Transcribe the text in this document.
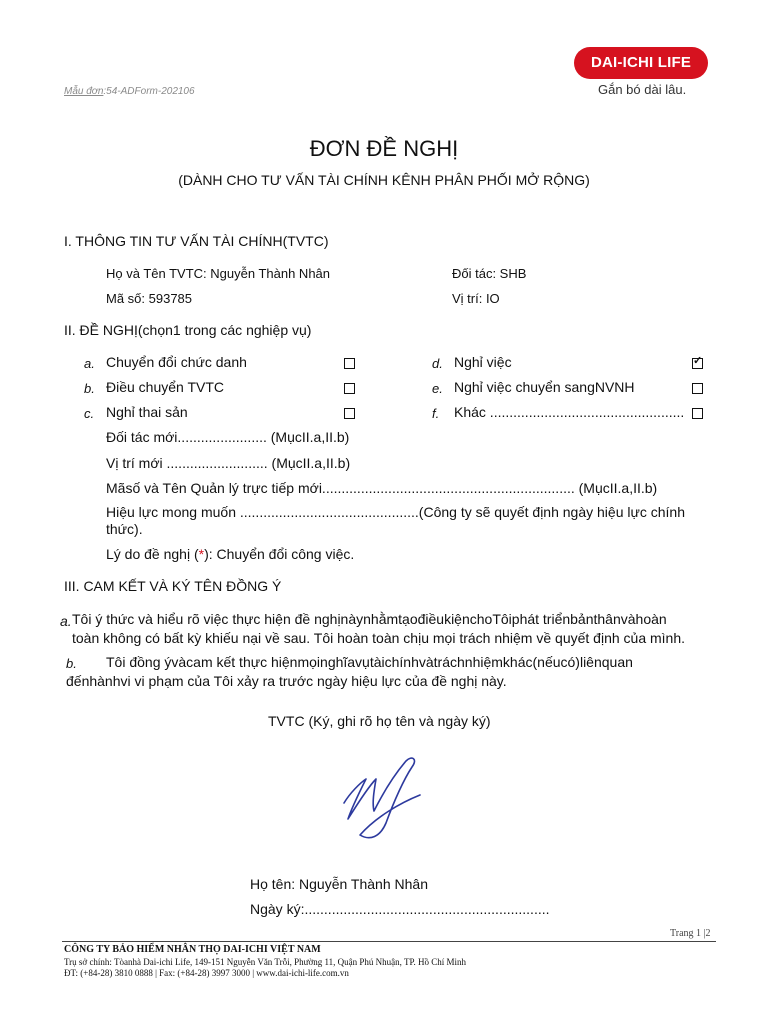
Mẫu đơn:54-ADForm-202106
DAI-ICHI LIFE
Gắn bó dài lâu.
ĐƠN ĐỀ NGHỊ
(DÀNH CHO TƯ VẤN TÀI CHÍNH KÊNH PHÂN PHỐI MỞ RỘNG)
I. THÔNG TIN TƯ VẤN TÀI CHÍNH(TVTC)
Họ và Tên TVTC: Nguyễn Thành Nhân	Đối tác: SHB
Mã số: 593785	Vị trí: IO
II. ĐỀ NGHỊ(chọn1 trong các nghiệp vụ)
a. Chuyển đổi chức danh
b. Điều chuyển TVTC
c. Nghỉ thai sản
d. Nghỉ việc
✓
e. Nghỉ việc chuyển sangNVNH
f. Khác ..................................................
Đối tác mới....................... (MụcII.a,II.b)
Vị trí mới .......................... (MụcII.a,II.b)
Mãsố và Tên Quản lý trực tiếp mới................................................................. (MụcII.a,II.b)
Hiệu lực mong muốn ..............................................(Công ty sẽ quyết định ngày hiệu lực chính
thức).
Lý do đề nghị (*): Chuyển đổi công việc.
III. CAM KẾT VÀ KÝ TÊN ĐỒNG Ý
a. Tôi ý thức và hiểu rõ việc thực hiện đề nghịnàynhằmtạođiềukiệnchoTôiphát triểnbảnthânvàhoàn
toàn không có bất kỳ khiếu nại về sau. Tôi hoàn toàn chịu mọi trách nhiệm về quyết định của mình.
b. Tôi đồng ývàcam kết thực hiệnmọinghĩavụtàichínhvàtráchnhiệmkhác(nếucó)liênquan
đếnhànhvi vi phạm của Tôi xảy ra trước ngày hiệu lực của đề nghị này.
TVTC (Ký, ghi rõ họ tên và ngày ký)
Họ tên: Nguyễn Thành Nhân
Ngày ký:...............................................................
Trang 1 |2
CÔNG TY BẢO HIỂM NHÂN THỌ DAI-ICHI VIỆT NAM
Trụ sở chính: Tòanhà Dai-ichi Life, 149-151 Nguyễn Văn Trỗi, Phường 11, Quận Phú Nhuận, TP. Hồ Chí Minh
ĐT: (+84-28) 3810 0888 | Fax: (+84-28) 3997 3000 | www.dai-ichi-life.com.vn
